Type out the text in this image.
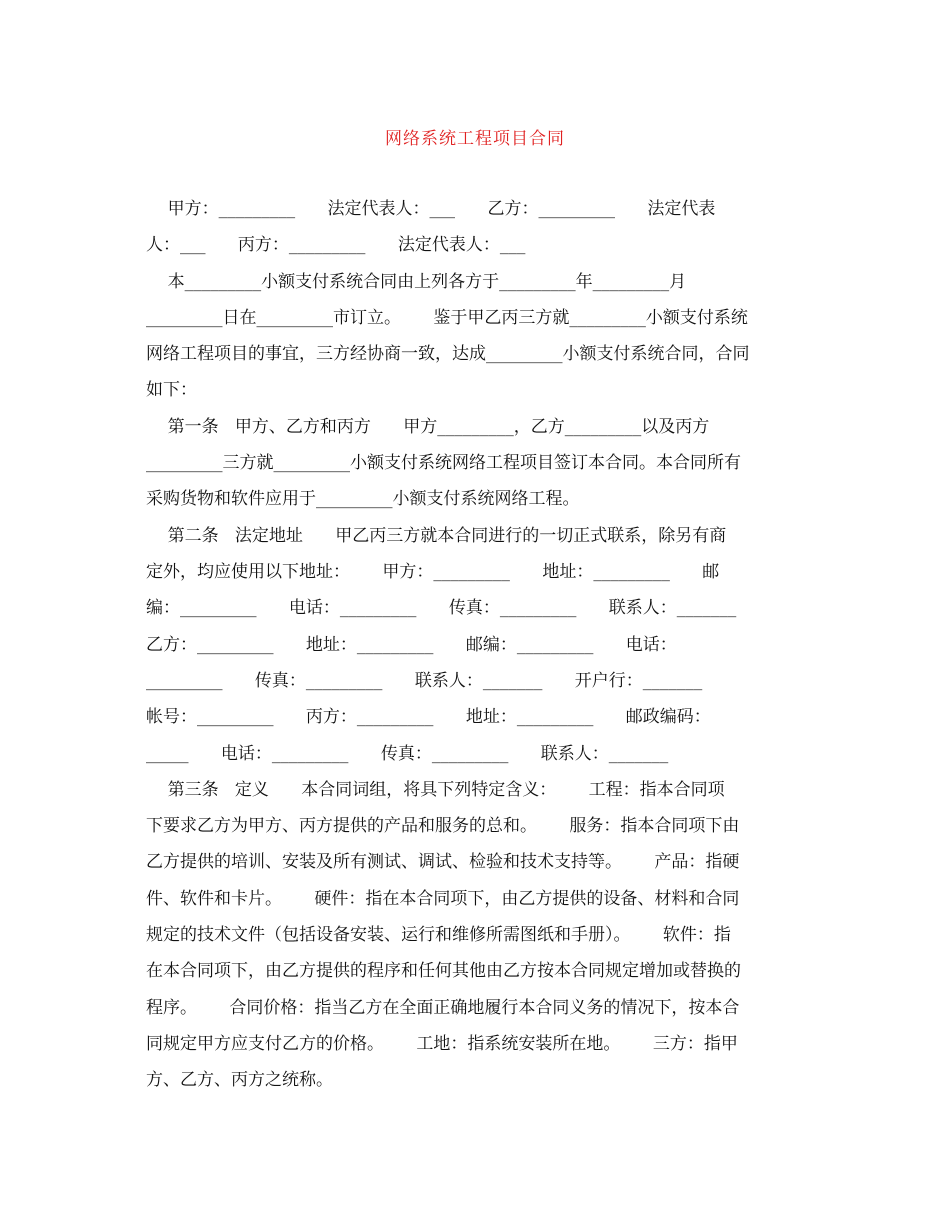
网络系统工程项目合同
甲方：_________      法定代表人：___      乙方：_________      法定代表
人：___      丙方：_________      法定代表人：___
本_________小额支付系统合同由上列各方于_________年_________月
_________日在_________市订立。      鉴于甲乙丙三方就_________小额支付系统
网络工程项目的事宜，三方经协商一致，达成_________小额支付系统合同，合同
如下：
第一条   甲方、乙方和丙方      甲方_________，乙方_________以及丙方
_________三方就_________小额支付系统网络工程项目签订本合同。本合同所有
采购货物和软件应用于_________小额支付系统网络工程。
第二条   法定地址      甲乙丙三方就本合同进行的一切正式联系，除另有商
定外，均应使用以下地址：      甲方：_________      地址：_________      邮
编：_________      电话：_________      传真：_________      联系人：_______
乙方：_________      地址：_________      邮编：_________      电话：
_________      传真：_________      联系人：_______      开户行：_______
帐号：_________      丙方：_________      地址：_________      邮政编码：
_____      电话：_________      传真：_________      联系人：_______
第三条   定义      本合同词组，将具下列特定含义：      工程：指本合同项
下要求乙方为甲方、丙方提供的产品和服务的总和。      服务：指本合同项下由
乙方提供的培训、安装及所有测试、调试、检验和技术支持等。      产品：指硬
件、软件和卡片。      硬件：指在本合同项下，由乙方提供的设备、材料和合同
规定的技术文件（包括设备安装、运行和维修所需图纸和手册）。      软件：指
在本合同项下，由乙方提供的程序和任何其他由乙方按本合同规定增加或替换的
程序。      合同价格：指当乙方在全面正确地履行本合同义务的情况下，按本合
同规定甲方应支付乙方的价格。      工地：指系统安装所在地。      三方：指甲
方、乙方、丙方之统称。
